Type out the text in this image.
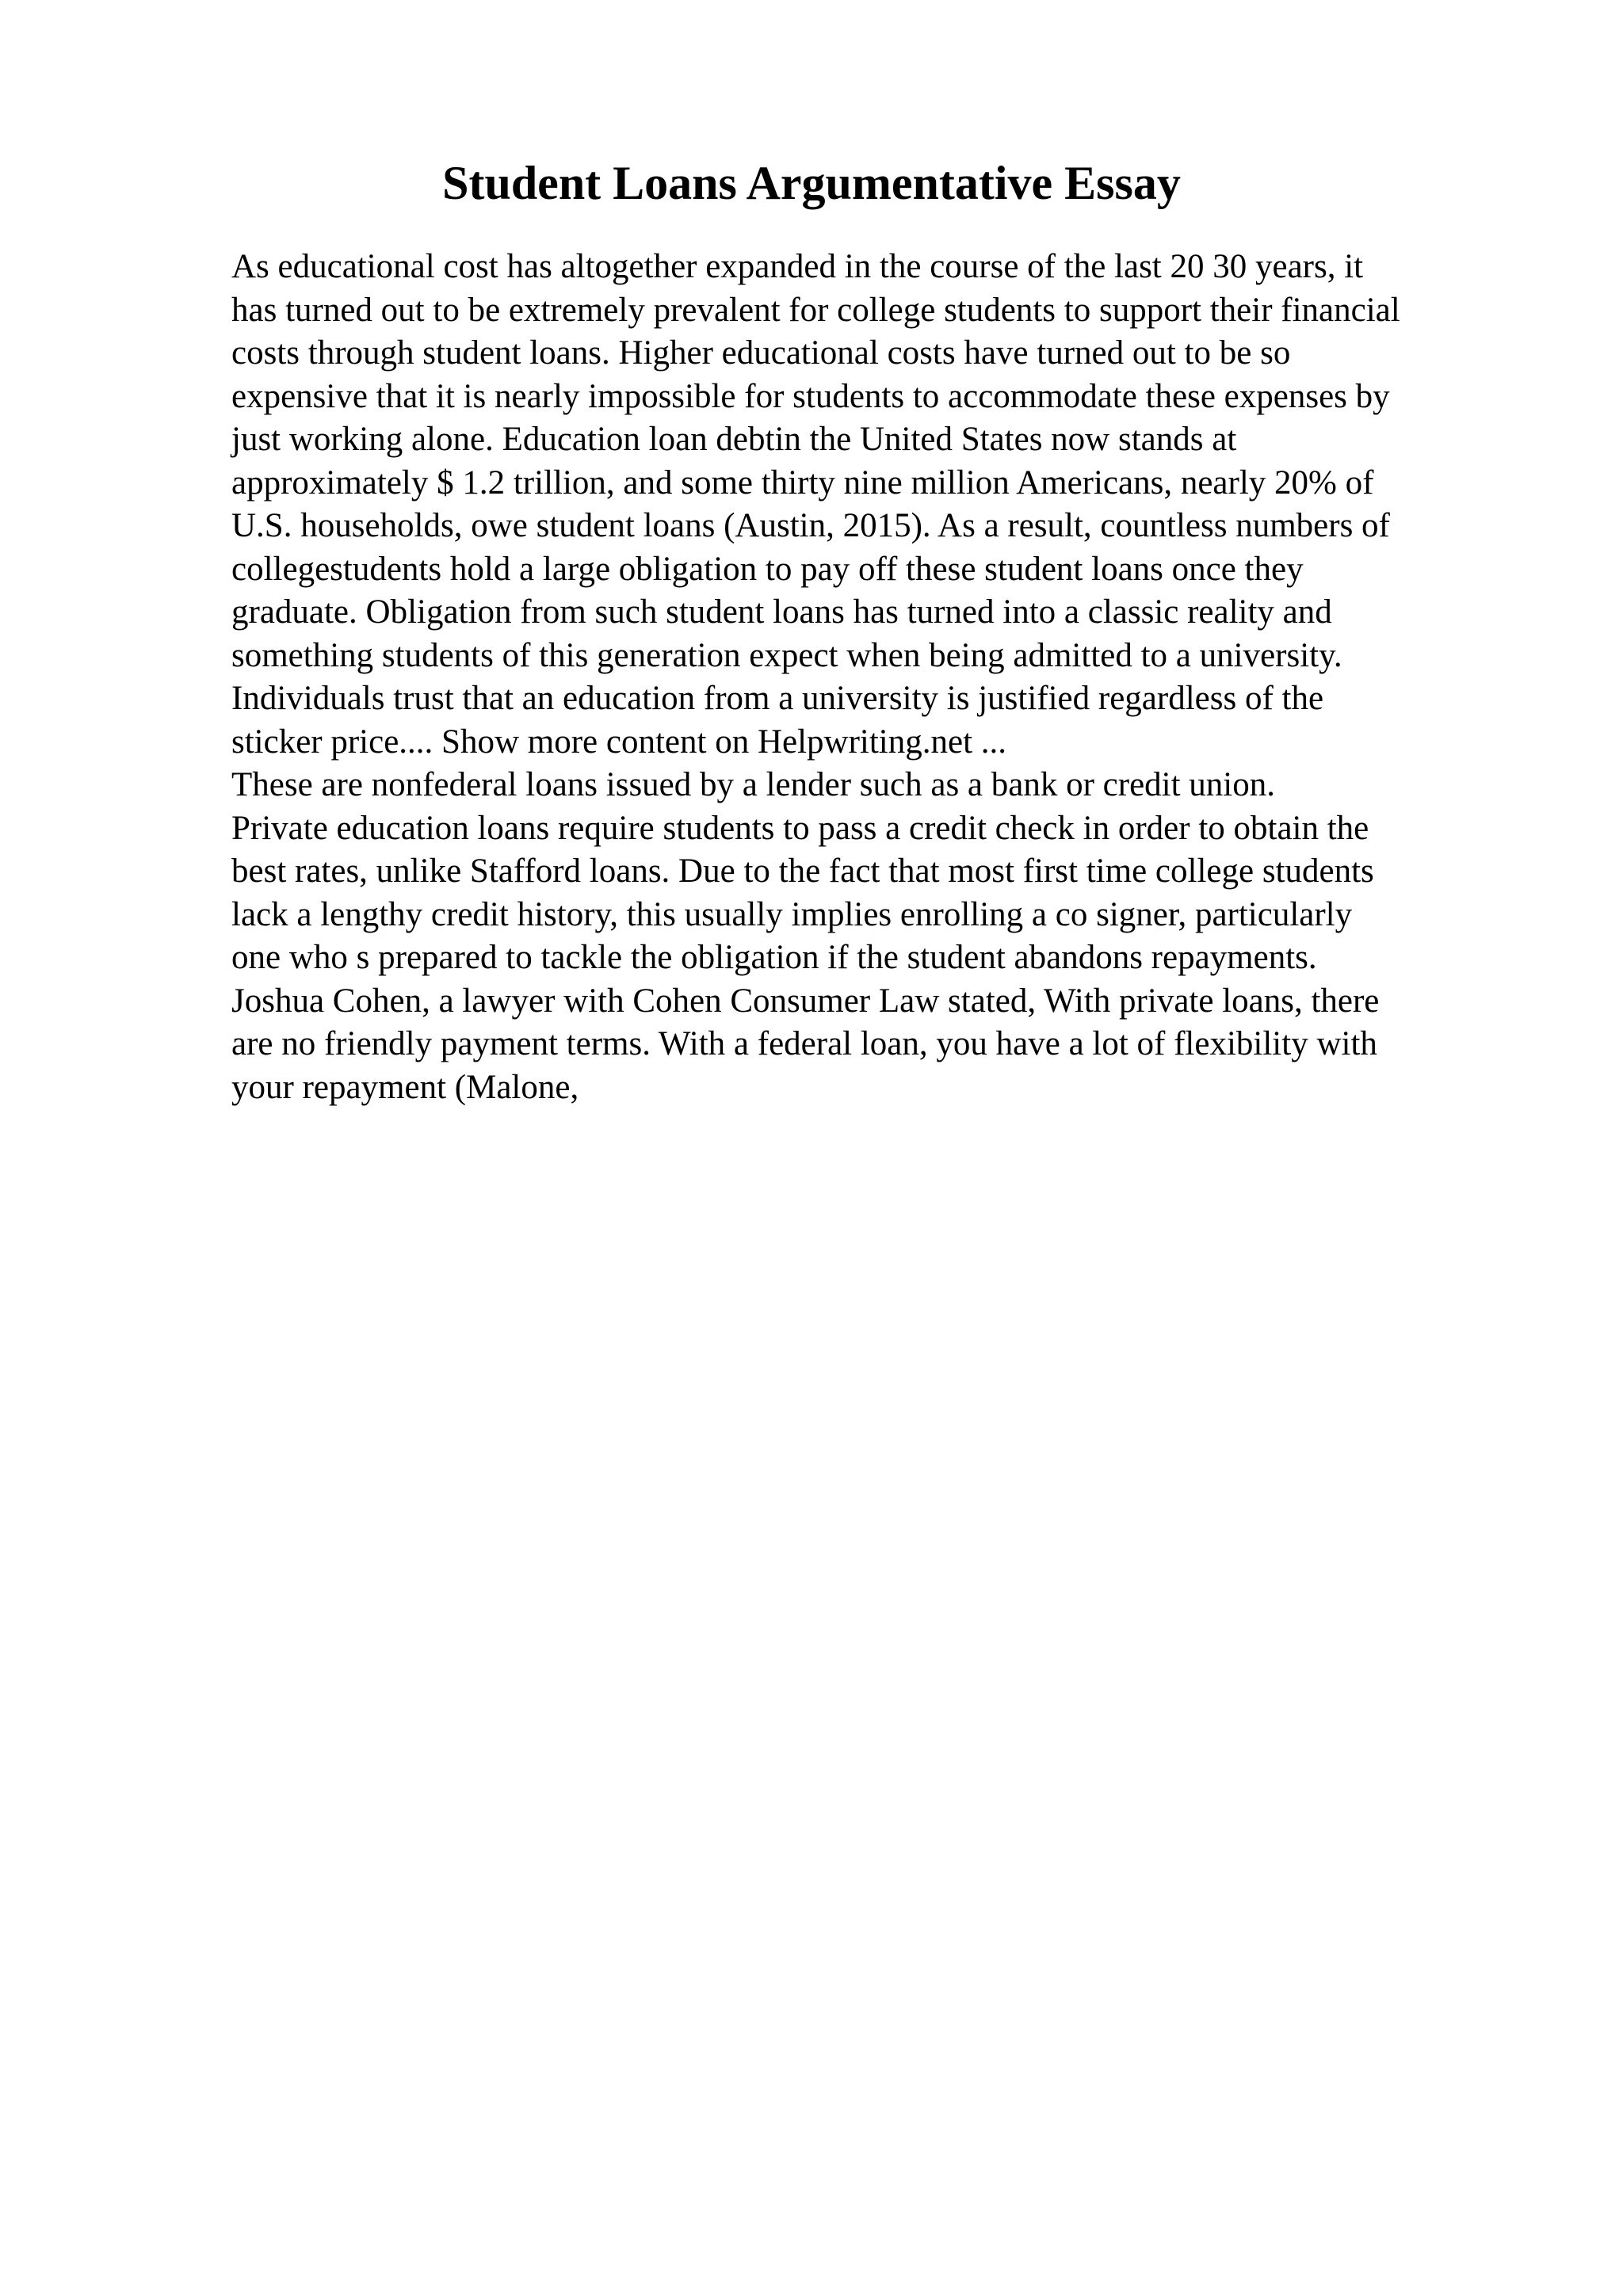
Student Loans Argumentative Essay
As educational cost has altogether expanded in the course of the last 20 30 years, it
has turned out to be extremely prevalent for college students to support their financial
costs through student loans. Higher educational costs have turned out to be so
expensive that it is nearly impossible for students to accommodate these expenses by
just working alone. Education loan debtin the United States now stands at
approximately $ 1.2 trillion, and some thirty nine million Americans, nearly 20% of
U.S. households, owe student loans (Austin, 2015). As a result, countless numbers of
collegestudents hold a large obligation to pay off these student loans once they
graduate. Obligation from such student loans has turned into a classic reality and
something students of this generation expect when being admitted to a university.
Individuals trust that an education from a university is justified regardless of the
sticker price.... Show more content on Helpwriting.net ...
These are nonfederal loans issued by a lender such as a bank or credit union.
Private education loans require students to pass a credit check in order to obtain the
best rates, unlike Stafford loans. Due to the fact that most first time college students
lack a lengthy credit history, this usually implies enrolling a co signer, particularly
one who s prepared to tackle the obligation if the student abandons repayments.
Joshua Cohen, a lawyer with Cohen Consumer Law stated, With private loans, there
are no friendly payment terms. With a federal loan, you have a lot of flexibility with
your repayment (Malone,
